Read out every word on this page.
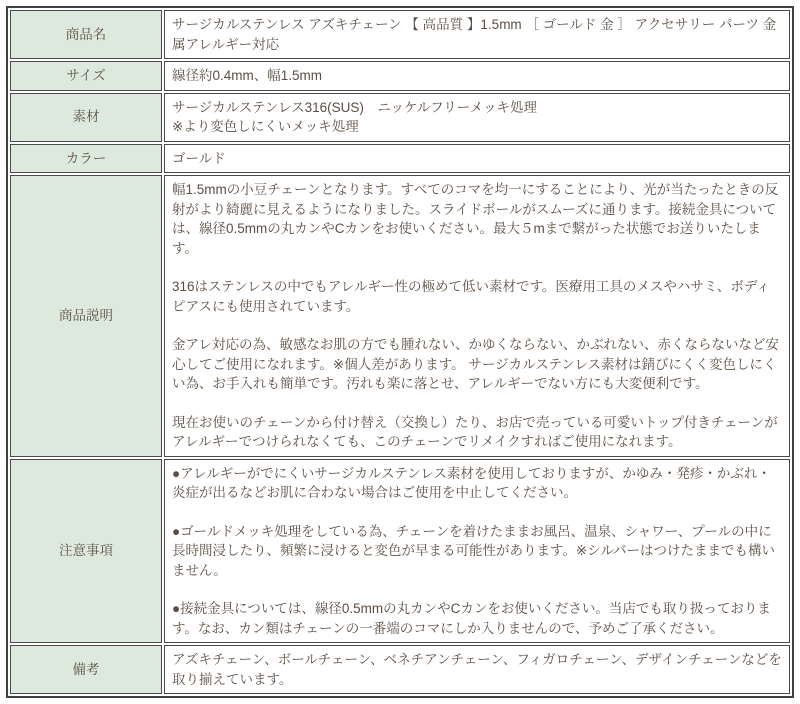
商品名	サージカルステンレス アズキチェーン 【 高品質 】1.5mm ［ ゴールド 金 ］ アクセサリー パーツ 金属アレルギー対応
サイズ	線径約0.4mm、幅1.5mm
素材	サージカルステンレス316(SUS)　ニッケルフリーメッキ処理
※より変色しにくいメッキ処理

カラー	ゴールド
商品説明	幅1.5mmの小豆チェーンとなります。すべてのコマを均一にすることにより、光が当たったときの反射がより綺麗に見えるようになりました。スライドボールがスムーズに通ります。接続金具については、線径0.5mmの丸カンやCカンをお使いください。最大５mまで繋がった状態でお送りいたします。

316はステンレスの中でもアレルギー性の極めて低い素材です。医療用工具のメスやハサミ、ボディピアスにも使用されています。

金アレ対応の為、敏感なお肌の方でも腫れない、かゆくならない、かぶれない、赤くならないなど安心してご使用になれます。※個人差があります。 サージカルステンレス素材は錆びにくく変色しにくい為、お手入れも簡単です。汚れも楽に落とせ、アレルギーでない方にも大変便利です。

現在お使いのチェーンから付け替え（交換し）たり、お店で売っている可愛いトップ付きチェーンがアレルギーでつけられなくても、このチェーンでリメイクすればご使用になれます。

注意事項	●アレルギーがでにくいサージカルステンレス素材を使用しておりますが、かゆみ・発疹・かぶれ・炎症が出るなどお肌に合わない場合はご使用を中止してください。

●ゴールドメッキ処理をしている為、チェーンを着けたままお風呂、温泉、シャワー、プールの中に長時間浸したり、頻繁に浸けると変色が早まる可能性があります。※シルバーはつけたままでも構いません。

●接続金具については、線径0.5mmの丸カンやCカンをお使いください。当店でも取り扱っております。なお、カン類はチェーンの一番端のコマにしか入りませんので、予めご了承ください。

備考	アズキチェーン、ボールチェーン、ベネチアンチェーン、フィガロチェーン、デザインチェーンなどを取り揃えています。
